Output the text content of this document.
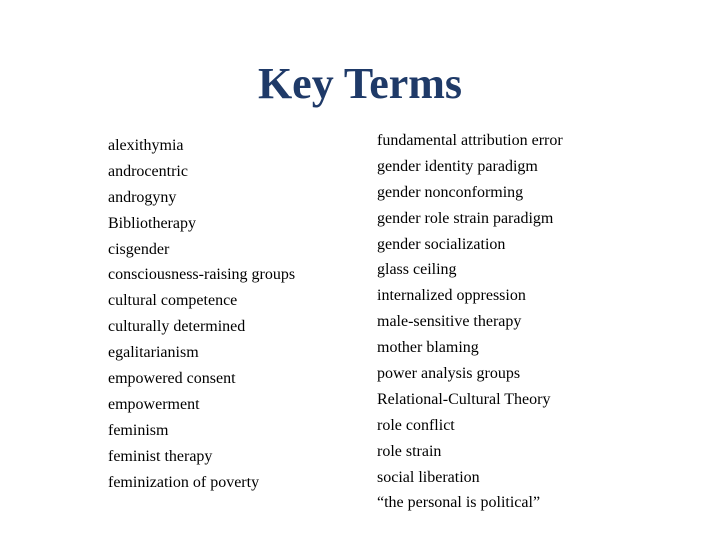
Key Terms
alexithymia
androcentric
androgyny
Bibliotherapy
cisgender
consciousness-raising groups
cultural competence
culturally determined
egalitarianism
empowered consent
empowerment
feminism
feminist therapy
feminization of poverty
fundamental attribution error
gender identity paradigm
gender nonconforming
gender role strain paradigm
gender socialization
glass ceiling
internalized oppression
male-sensitive therapy
mother blaming
power analysis groups
Relational-Cultural Theory
role conflict
role strain
social liberation
“the personal is political”
